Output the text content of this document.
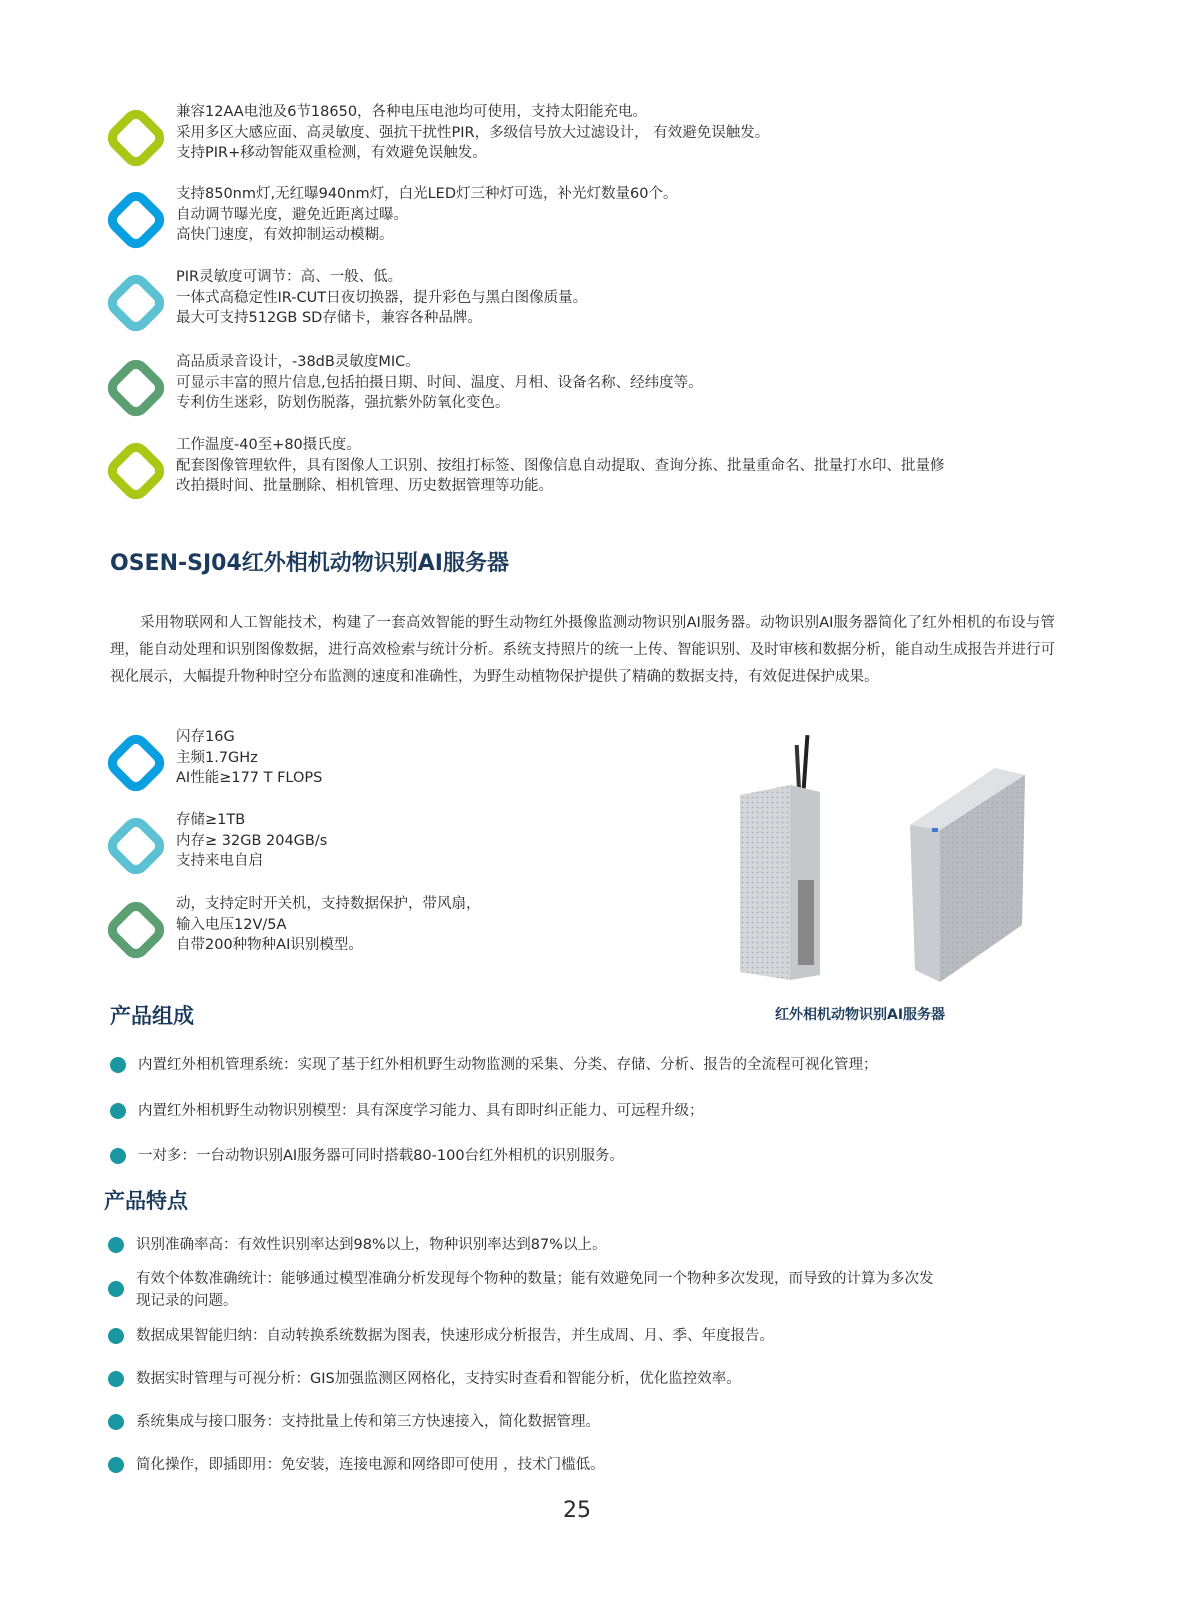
兼容12AA电池及6节18650，各种电压电池均可使用，支持太阳能充电。
采用多区大感应面、高灵敏度、强抗干扰性PIR，多级信号放大过滤设计， 有效避免误触发。
支持PIR+移动智能双重检测，有效避免误触发。
支持850nm灯,无红曝940nm灯，白光LED灯三种灯可选，补光灯数量60个。
自动调节曝光度，避免近距离过曝。
高快门速度，有效抑制运动模糊。
PIR灵敏度可调节：高、一般、低。
一体式高稳定性IR-CUT日夜切换器，提升彩色与黑白图像质量。
最大可支持512GB SD存储卡，兼容各种品牌。
高品质录音设计，-38dB灵敏度MIC。
可显示丰富的照片信息,包括拍摄日期、时间、温度、月相、设备名称、经纬度等。
专利仿生迷彩，防划伤脱落，强抗紫外防氧化变色。
工作温度-40至+80摄氏度。
配套图像管理软件，具有图像人工识别、按组打标签、图像信息自动提取、查询分拣、批量重命名、批量打水印、批量修
改拍摄时间、批量删除、相机管理、历史数据管理等功能。
OSEN-SJ04红外相机动物识别AI服务器
采用物联网和人工智能技术，构建了一套高效智能的野生动物红外摄像监测动物识别AI服务器。动物识别AI服务器简化了红外相机的布设与管理，能自动处理和识别图像数据，进行高效检索与统计分析。系统支持照片的统一上传、智能识别、及时审核和数据分析，能自动生成报告并进行可视化展示，大幅提升物种时空分布监测的速度和准确性，为野生动植物保护提供了精确的数据支持，有效促进保护成果。
闪存16G
主频1.7GHz
AI性能≥177 T FLOPS
存储≥1TB
内存≥ 32GB 204GB/s
支持来电自启
动，支持定时开关机，支持数据保护，带风扇，
输入电压12V/5A
自带200种物种AI识别模型。
红外相机动物识别AI服务器
产品组成
内置红外相机管理系统：实现了基于红外相机野生动物监测的采集、分类、存储、分析、报告的全流程可视化管理；
内置红外相机野生动物识别模型：具有深度学习能力、具有即时纠正能力、可远程升级；
一对多：一台动物识别AI服务器可同时搭载80-100台红外相机的识别服务。
产品特点
识别准确率高：有效性识别率达到98%以上，物种识别率达到87%以上。
有效个体数准确统计：能够通过模型准确分析发现每个物种的数量；能有效避免同一个物种多次发现，而导致的计算为多次发
现记录的问题。
数据成果智能归纳：自动转换系统数据为图表，快速形成分析报告，并生成周、月、季、年度报告。
数据实时管理与可视分析：GIS加强监测区网格化，支持实时查看和智能分析，优化监控效率。
系统集成与接口服务：支持批量上传和第三方快速接入，简化数据管理。
简化操作，即插即用：免安装，连接电源和网络即可使用 ，技术门槛低。
25
